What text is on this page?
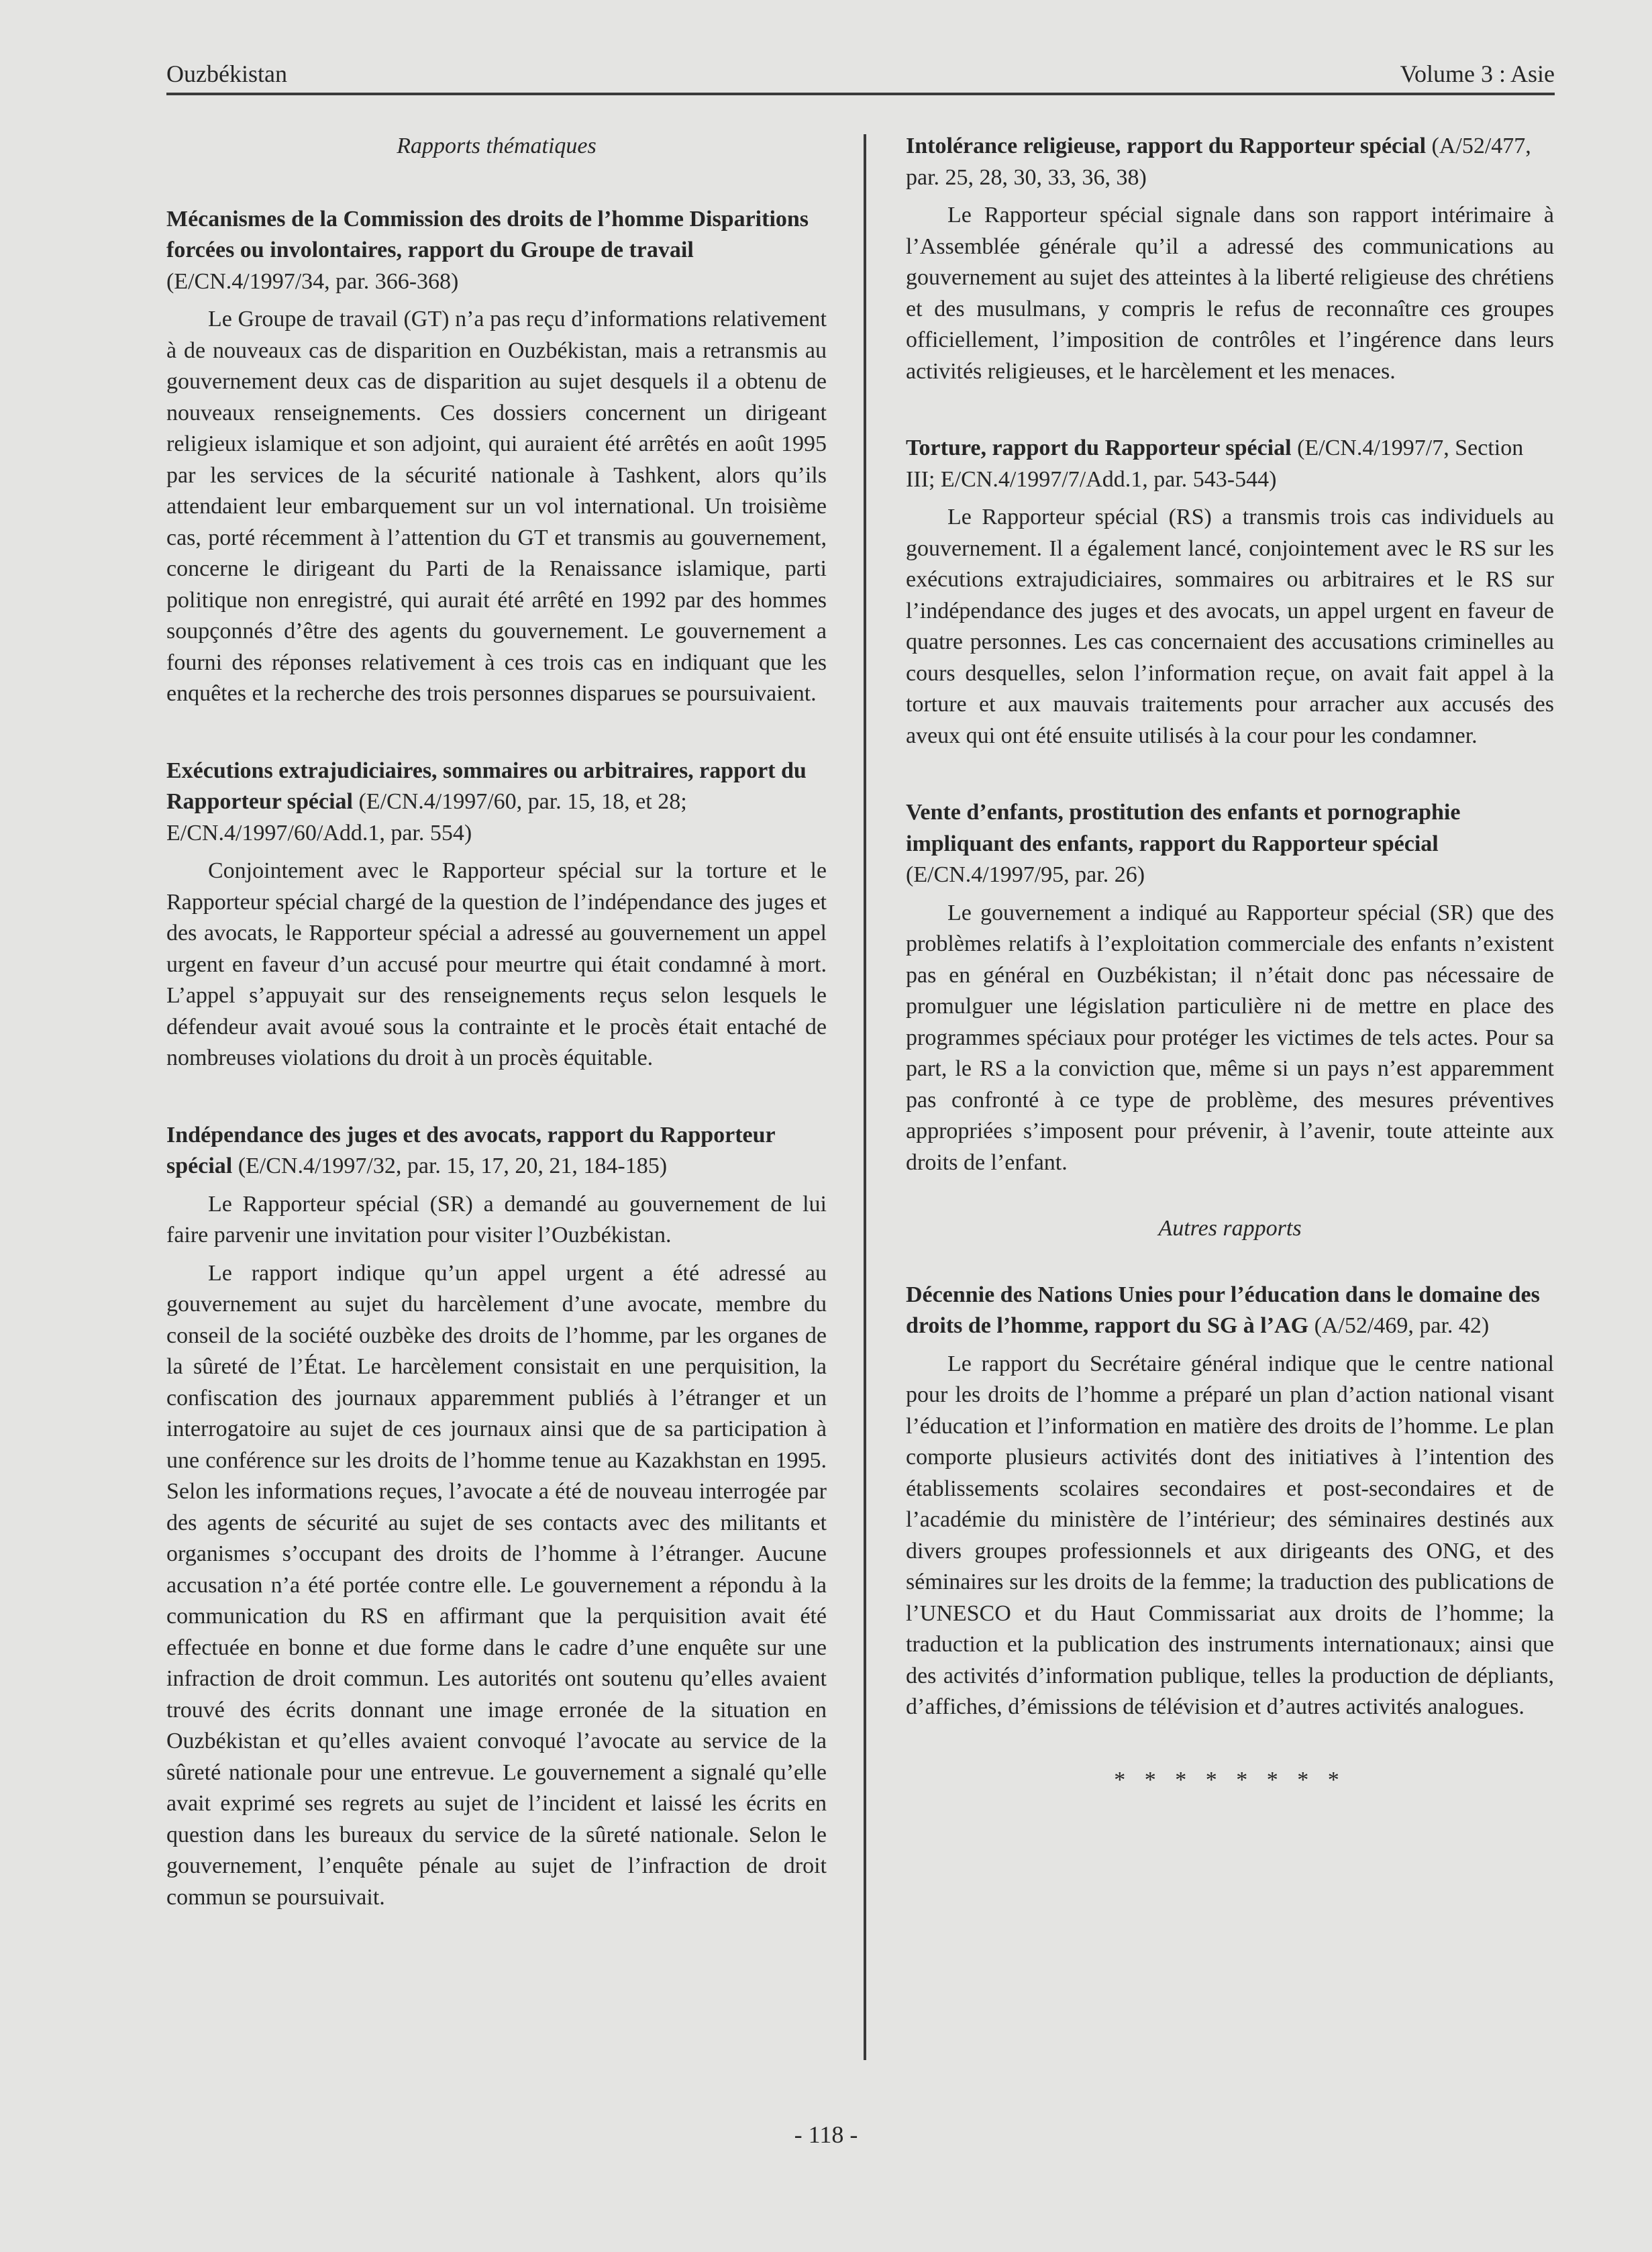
Ouzbékistan	Volume 3 : Asie

Rapports thématiques

Mécanismes de la Commission des droits de l’homme Disparitions forcées ou involontaires, rapport du Groupe de travail (E/CN.4/1997/34, par. 366-368)

Le Groupe de travail (GT) n’a pas reçu d’informations relativement à de nouveaux cas de disparition en Ouzbékistan, mais a retransmis au gouvernement deux cas de disparition au sujet desquels il a obtenu de nouveaux renseignements. Ces dossiers concernent un dirigeant religieux islamique et son adjoint, qui auraient été arrêtés en août 1995 par les services de la sécurité nationale à Tashkent, alors qu’ils attendaient leur embarquement sur un vol international. Un troisième cas, porté récemment à l’attention du GT et transmis au gouvernement, concerne le dirigeant du Parti de la Renaissance islamique, parti politique non enregistré, qui aurait été arrêté en 1992 par des hommes soupçonnés d’être des agents du gouvernement. Le gouvernement a fourni des réponses relativement à ces trois cas en indiquant que les enquêtes et la recherche des trois personnes disparues se poursuivaient.

Exécutions extrajudiciaires, sommaires ou arbitraires, rapport du Rapporteur spécial (E/CN.4/1997/60, par. 15, 18, et 28; E/CN.4/1997/60/Add.1, par. 554)

Conjointement avec le Rapporteur spécial sur la torture et le Rapporteur spécial chargé de la question de l’indépendance des juges et des avocats, le Rapporteur spécial a adressé au gouvernement un appel urgent en faveur d’un accusé pour meurtre qui était condamné à mort. L’appel s’appuyait sur des renseignements reçus selon lesquels le défendeur avait avoué sous la contrainte et le procès était entaché de nombreuses violations du droit à un procès équitable.

Indépendance des juges et des avocats, rapport du Rapporteur spécial (E/CN.4/1997/32, par. 15, 17, 20, 21, 184-185)

Le Rapporteur spécial (SR) a demandé au gouvernement de lui faire parvenir une invitation pour visiter l’Ouzbékistan.

Le rapport indique qu’un appel urgent a été adressé au gouvernement au sujet du harcèlement d’une avocate, membre du conseil de la société ouzbèke des droits de l’homme, par les organes de la sûreté de l’État. Le harcèlement consistait en une perquisition, la confiscation des journaux apparemment publiés à l’étranger et un interrogatoire au sujet de ces journaux ainsi que de sa participation à une conférence sur les droits de l’homme tenue au Kazakhstan en 1995. Selon les informations reçues, l’avocate a été de nouveau interrogée par des agents de sécurité au sujet de ses contacts avec des militants et organismes s’occupant des droits de l’homme à l’étranger. Aucune accusation n’a été portée contre elle. Le gouvernement a répondu à la communication du RS en affirmant que la perquisition avait été effectuée en bonne et due forme dans le cadre d’une enquête sur une infraction de droit commun. Les autorités ont soutenu qu’elles avaient trouvé des écrits donnant une image erronée de la situation en Ouzbékistan et qu’elles avaient convoqué l’avocate au service de la sûreté nationale pour une entrevue. Le gouvernement a signalé qu’elle avait exprimé ses regrets au sujet de l’incident et laissé les écrits en question dans les bureaux du service de la sûreté nationale. Selon le gouvernement, l’enquête pénale au sujet de l’infraction de droit commun se poursuivait.

Intolérance religieuse, rapport du Rapporteur spécial (A/52/477, par. 25, 28, 30, 33, 36, 38)

Le Rapporteur spécial signale dans son rapport intérimaire à l’Assemblée générale qu’il a adressé des communications au gouvernement au sujet des atteintes à la liberté religieuse des chrétiens et des musulmans, y compris le refus de reconnaître ces groupes officiellement, l’imposition de contrôles et l’ingérence dans leurs activités religieuses, et le harcèlement et les menaces.

Torture, rapport du Rapporteur spécial (E/CN.4/1997/7, Section III; E/CN.4/1997/7/Add.1, par. 543-544)

Le Rapporteur spécial (RS) a transmis trois cas individuels au gouvernement. Il a également lancé, conjointement avec le RS sur les exécutions extrajudiciaires, sommaires ou arbitraires et le RS sur l’indépendance des juges et des avocats, un appel urgent en faveur de quatre personnes. Les cas concernaient des accusations criminelles au cours desquelles, selon l’information reçue, on avait fait appel à la torture et aux mauvais traitements pour arracher aux accusés des aveux qui ont été ensuite utilisés à la cour pour les condamner.

Vente d’enfants, prostitution des enfants et pornographie impliquant des enfants, rapport du Rapporteur spécial (E/CN.4/1997/95, par. 26)

Le gouvernement a indiqué au Rapporteur spécial (SR) que des problèmes relatifs à l’exploitation commerciale des enfants n’existent pas en général en Ouzbékistan; il n’était donc pas nécessaire de promulguer une législation particulière ni de mettre en place des programmes spéciaux pour protéger les victimes de tels actes. Pour sa part, le RS a la conviction que, même si un pays n’est apparemment pas confronté à ce type de problème, des mesures préventives appropriées s’imposent pour prévenir, à l’avenir, toute atteinte aux droits de l’enfant.

Autres rapports

Décennie des Nations Unies pour l’éducation dans le domaine des droits de l’homme, rapport du SG à l’AG (A/52/469, par. 42)

Le rapport du Secrétaire général indique que le centre national pour les droits de l’homme a préparé un plan d’action national visant l’éducation et l’information en matière des droits de l’homme. Le plan comporte plusieurs activités dont des initiatives à l’intention des établissements scolaires secondaires et post-secondaires et de l’académie du ministère de l’intérieur; des séminaires destinés aux divers groupes professionnels et aux dirigeants des ONG, et des séminaires sur les droits de la femme; la traduction des publications de l’UNESCO et du Haut Commissariat aux droits de l’homme; la traduction et la publication des instruments internationaux; ainsi que des activités d’information publique, telles la production de dépliants, d’affiches, d’émissions de télévision et d’autres activités analogues.

* * * * * * * *
- 118 -
